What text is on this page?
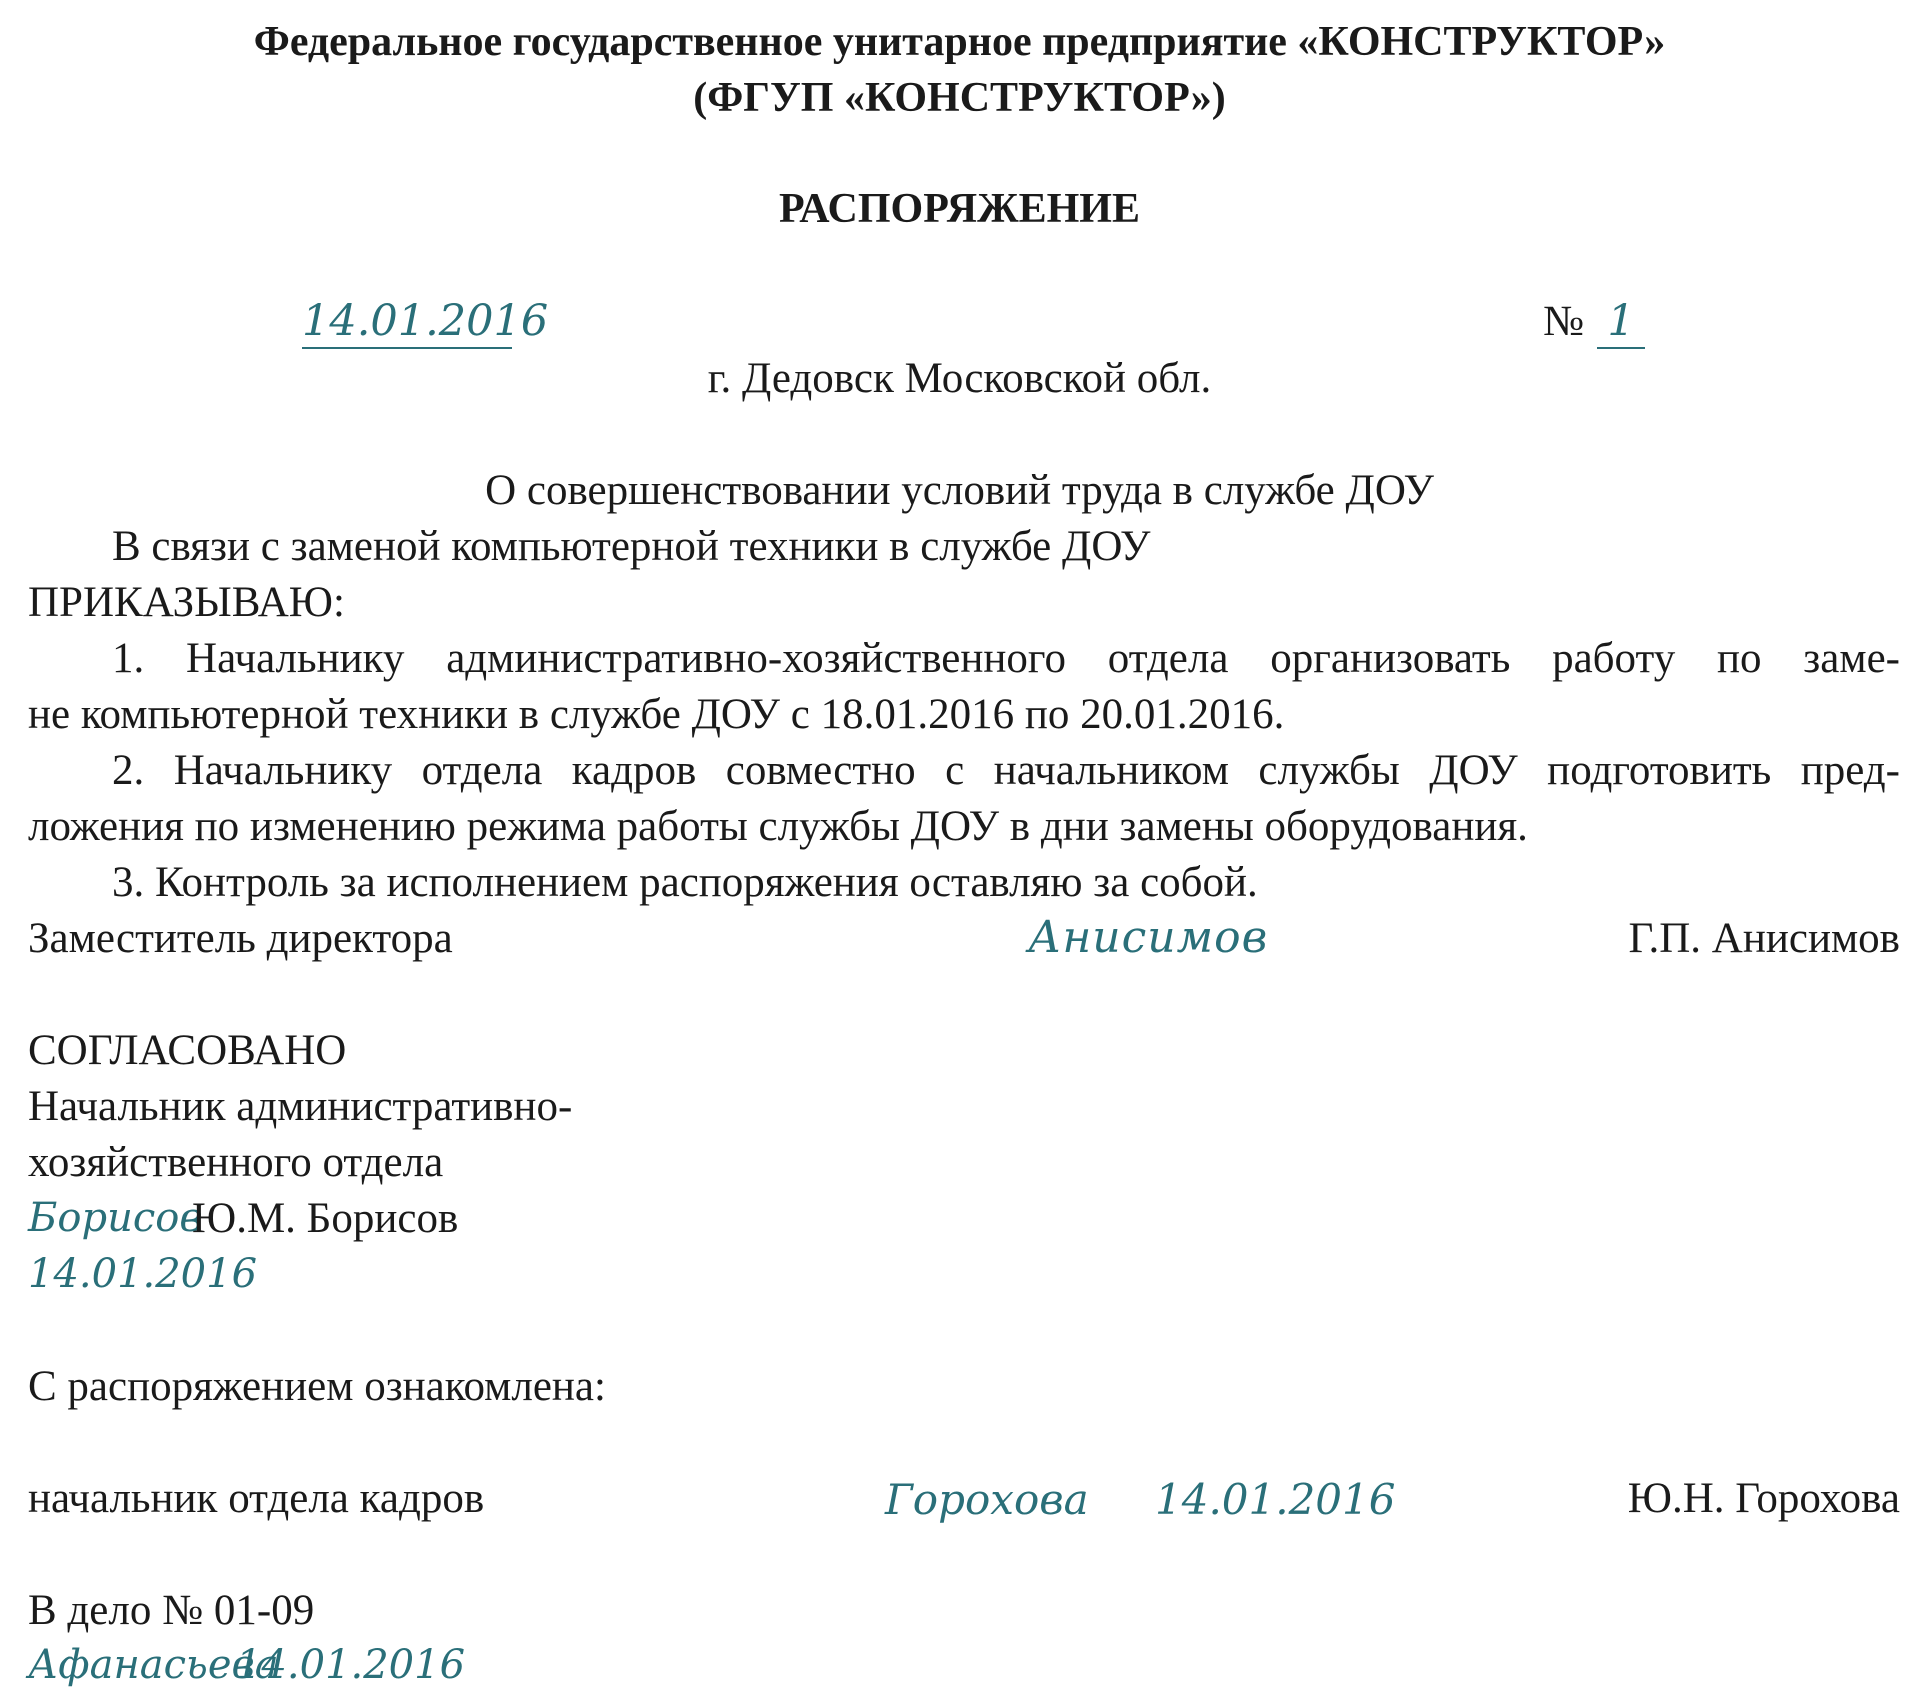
Федеральное государственное унитарное предприятие «КОНСТРУКТОР»
(ФГУП «КОНСТРУКТОР»)
РАСПОРЯЖЕНИЕ
14.01.2016	№ 1
г. Дедовск Московской обл.
О совершенствовании условий труда в службе ДОУ
В связи с заменой компьютерной техники в службе ДОУ
ПРИКАЗЫВАЮ:
1. Начальнику административно-хозяйственного отдела организовать работу по заме-
не компьютерной техники в службе ДОУ с 18.01.2016 по 20.01.2016.
2. Начальнику отдела кадров совместно с начальником службы ДОУ подготовить пред-
ложения по изменению режима работы службы ДОУ в дни замены оборудования.
3. Контроль за исполнением распоряжения оставляю за собой.
Заместитель директора	Анисимов	Г.П. Анисимов
СОГЛАСОВАНО
Начальник административно-
хозяйственного отдела
Борисов
Ю.М. Борисов
14.01.2016
С распоряжением ознакомлена:
начальник отдела кадров	Горохова 14.01.2016	Ю.Н. Горохова
В дело № 01-09
Афанасьева
14.01.2016
